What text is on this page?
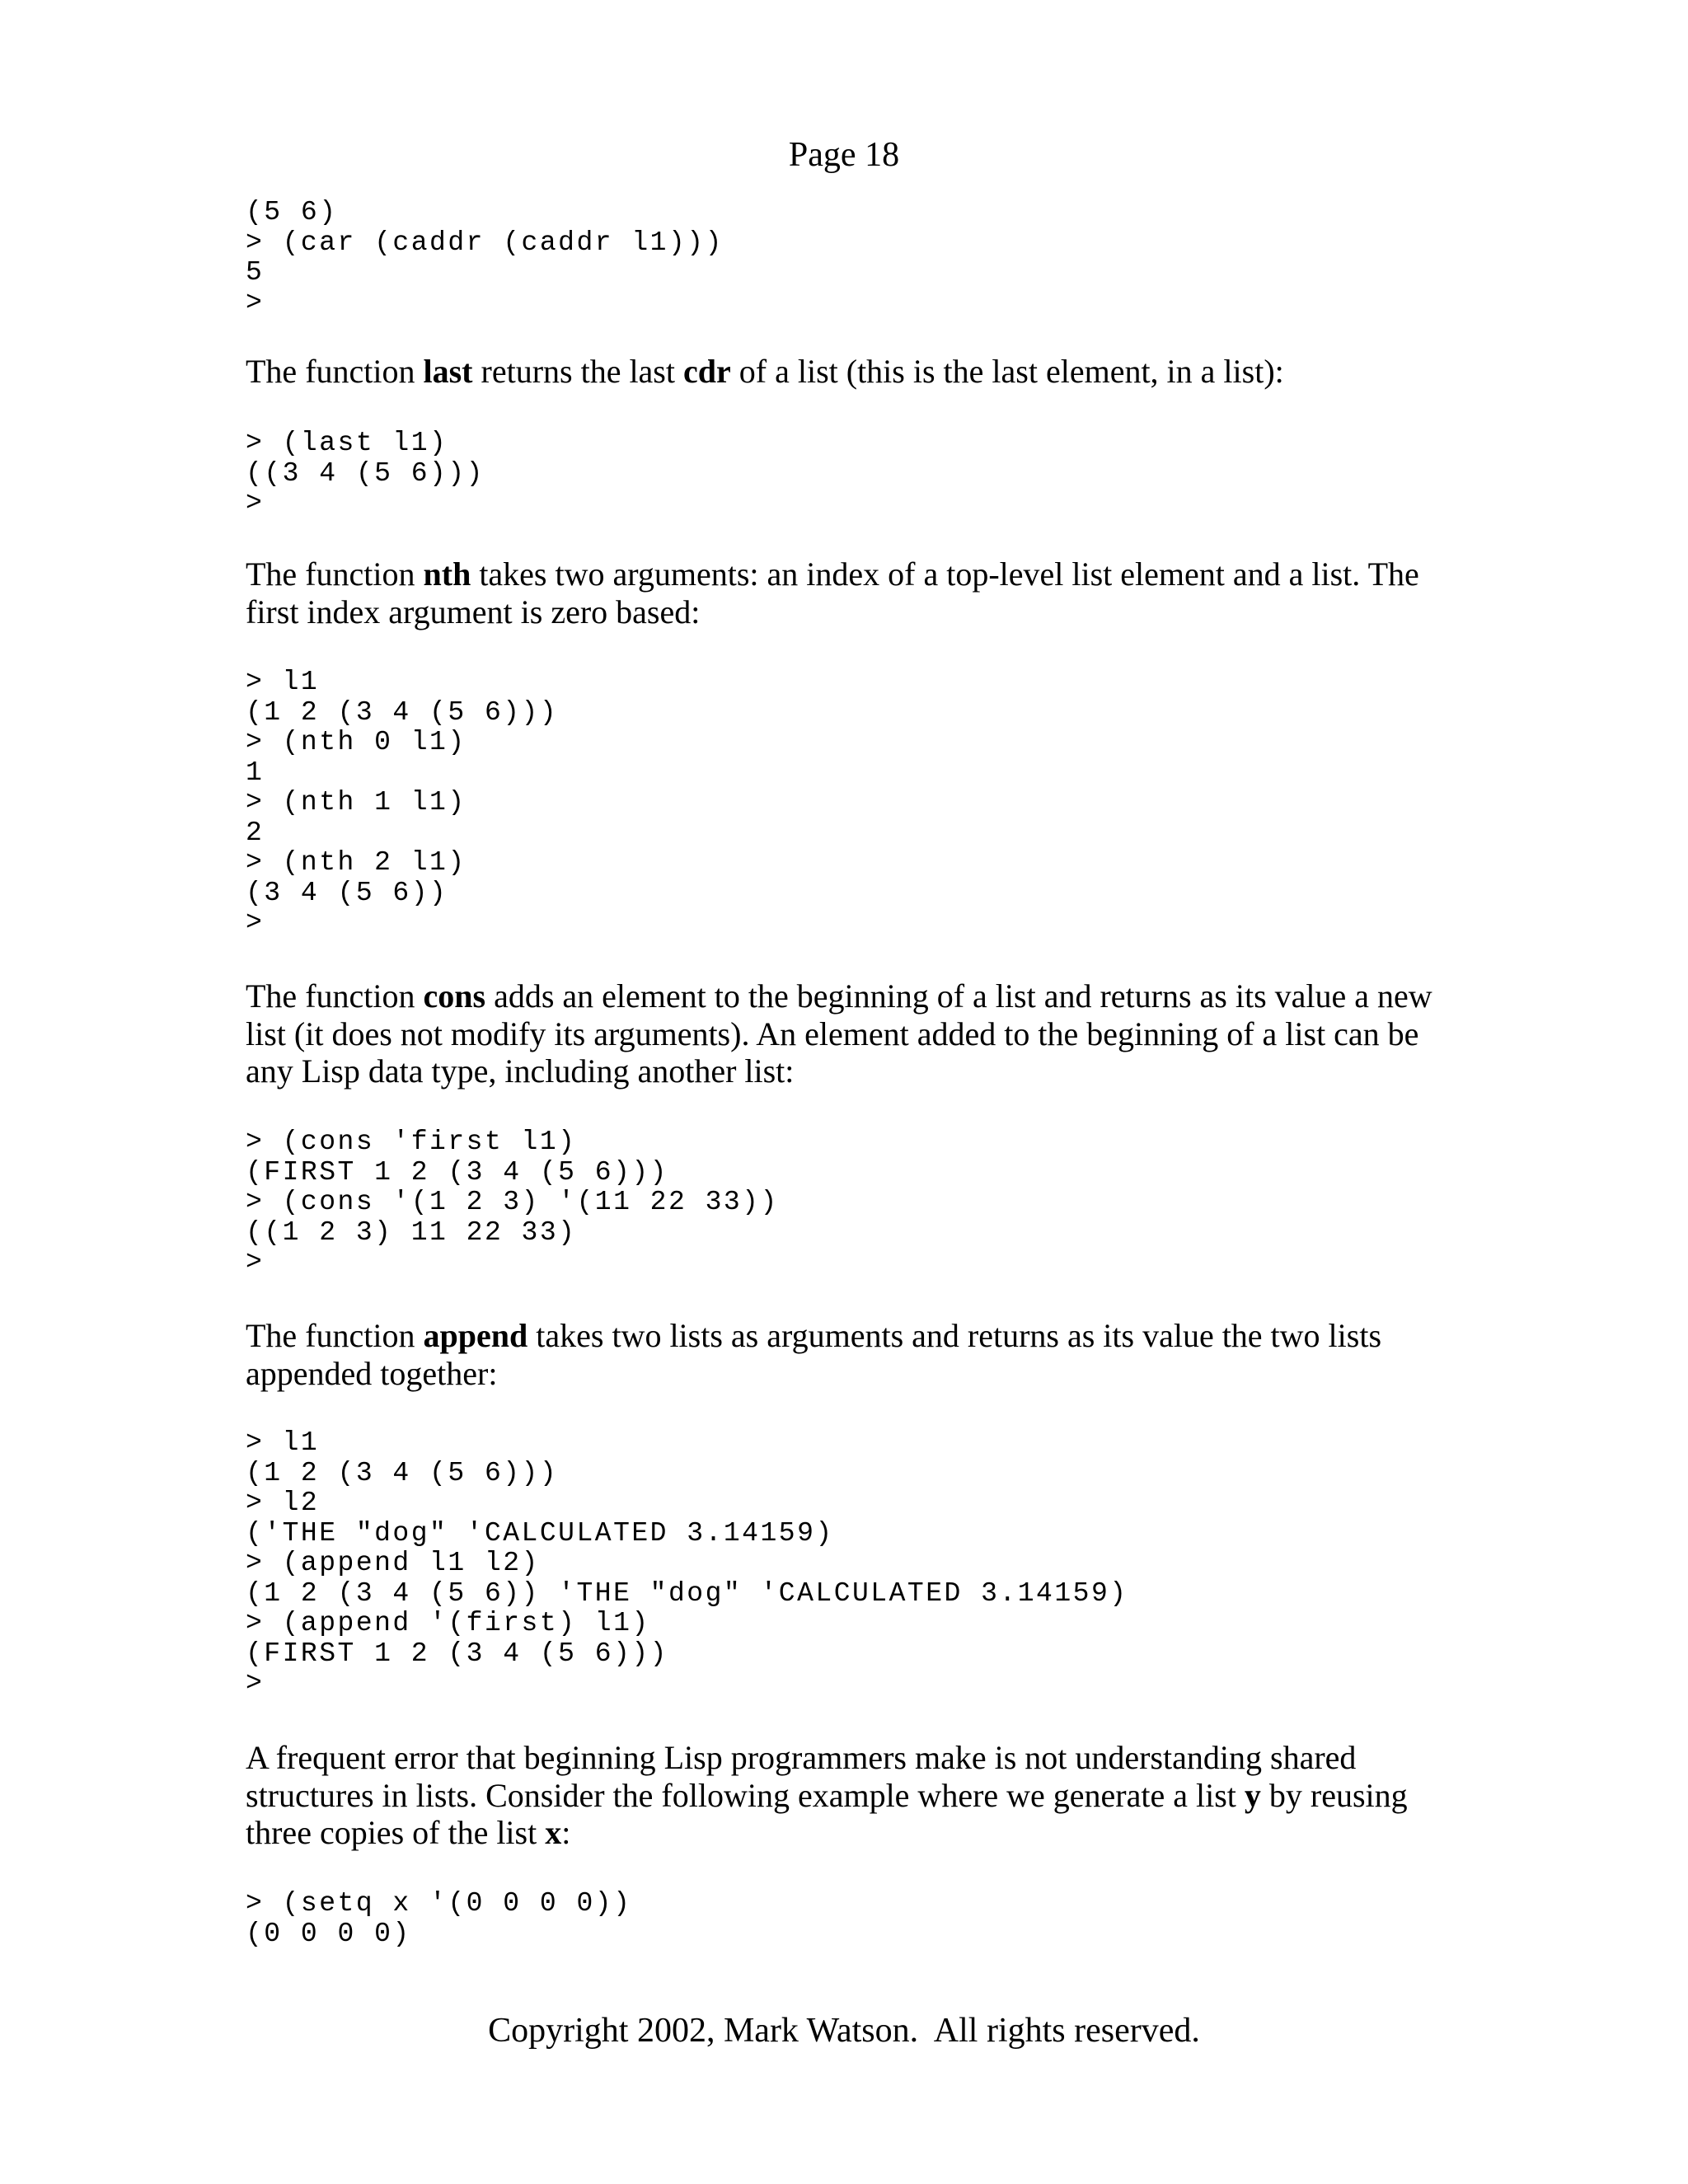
Page 18
(5 6)
> (car (caddr (caddr l1)))
5
>

The function last returns the last cdr of a list (this is the last element, in a list):

> (last l1)
((3 4 (5 6)))
>

The function nth takes two arguments: an index of a top-level list element and a list. The first index argument is zero based:

> l1
(1 2 (3 4 (5 6)))
> (nth 0 l1)
1
> (nth 1 l1)
2
> (nth 2 l1)
(3 4 (5 6))
>

The function cons adds an element to the beginning of a list and returns as its value a new list (it does not modify its arguments). An element added to the beginning of a list can be any Lisp data type, including another list:

> (cons 'first l1)
(FIRST 1 2 (3 4 (5 6)))
> (cons '(1 2 3) '(11 22 33))
((1 2 3) 11 22 33)
>

The function append takes two lists as arguments and returns as its value the two lists appended together:

> l1
(1 2 (3 4 (5 6)))
> l2
('THE "dog" 'CALCULATED 3.14159)
> (append l1 l2)
(1 2 (3 4 (5 6)) 'THE "dog" 'CALCULATED 3.14159)
> (append '(first) l1)
(FIRST 1 2 (3 4 (5 6)))
>

A frequent error that beginning Lisp programmers make is not understanding shared structures in lists. Consider the following example where we generate a list y by reusing three copies of the list x:

> (setq x '(0 0 0 0))
(0 0 0 0)
Copyright 2002, Mark Watson.  All rights reserved.
